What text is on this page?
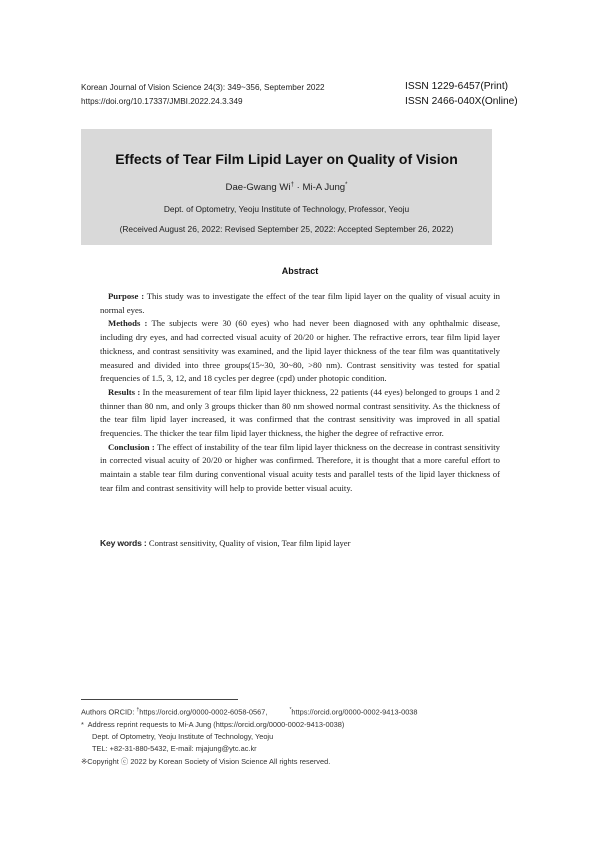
Korean Journal of Vision Science 24(3): 349~356, September 2022
https://doi.org/10.17337/JMBI.2022.24.3.349
ISSN 1229-6457(Print)
ISSN 2466-040X(Online)
Effects of Tear Film Lipid Layer on Quality of Vision
Dae-Gwang Wi† · Mi-A Jung*
Dept. of Optometry, Yeoju Institute of Technology, Professor, Yeoju
(Received August 26, 2022: Revised September 25, 2022: Accepted September 26, 2022)
Abstract

Purpose : This study was to investigate the effect of the tear film lipid layer on the quality of visual acuity in normal eyes.

Methods : The subjects were 30 (60 eyes) who had never been diagnosed with any ophthalmic disease, including dry eyes, and had corrected visual acuity of 20/20 or higher. The refractive errors, tear film lipid layer thickness, and contrast sensitivity was examined, and the lipid layer thickness of the tear film was quantitatively measured and divided into three groups(15~30, 30~80, >80 nm). Contrast sensitivity was tested for spatial frequencies of 1.5, 3, 12, and 18 cycles per degree (cpd) under photopic condition.

Results : In the measurement of tear film lipid layer thickness, 22 patients (44 eyes) belonged to groups 1 and 2 thinner than 80 nm, and only 3 groups thicker than 80 nm showed normal contrast sensitivity. As the thickness of the tear film lipid layer increased, it was confirmed that the contrast sensitivity was improved in all spatial frequencies. The thicker the tear film lipid layer thickness, the higher the degree of refractive error.

Conclusion : The effect of instability of the tear film lipid layer thickness on the decrease in contrast sensitivity in corrected visual acuity of 20/20 or higher was confirmed. Therefore, it is thought that a more careful effort to maintain a stable tear film during conventional visual acuity tests and parallel tests of the lipid layer thickness of tear film and contrast sensitivity will help to provide better visual acuity.

Key words : Contrast sensitivity, Quality of vision, Tear film lipid layer
Authors ORCID: †https://orcid.org/0000-0002-6058-0567,	*https://orcid.org/0000-0002-9413-0038
* Address reprint requests to Mi-A Jung (https://orcid.org/0000-0002-9413-0038)
Dept. of Optometry, Yeoju Institute of Technology, Yeoju
TEL: +82-31-880-5432, E-mail: mjajung@ytc.ac.kr
※Copyright ⓒ 2022 by Korean Society of Vision Science All rights reserved.
